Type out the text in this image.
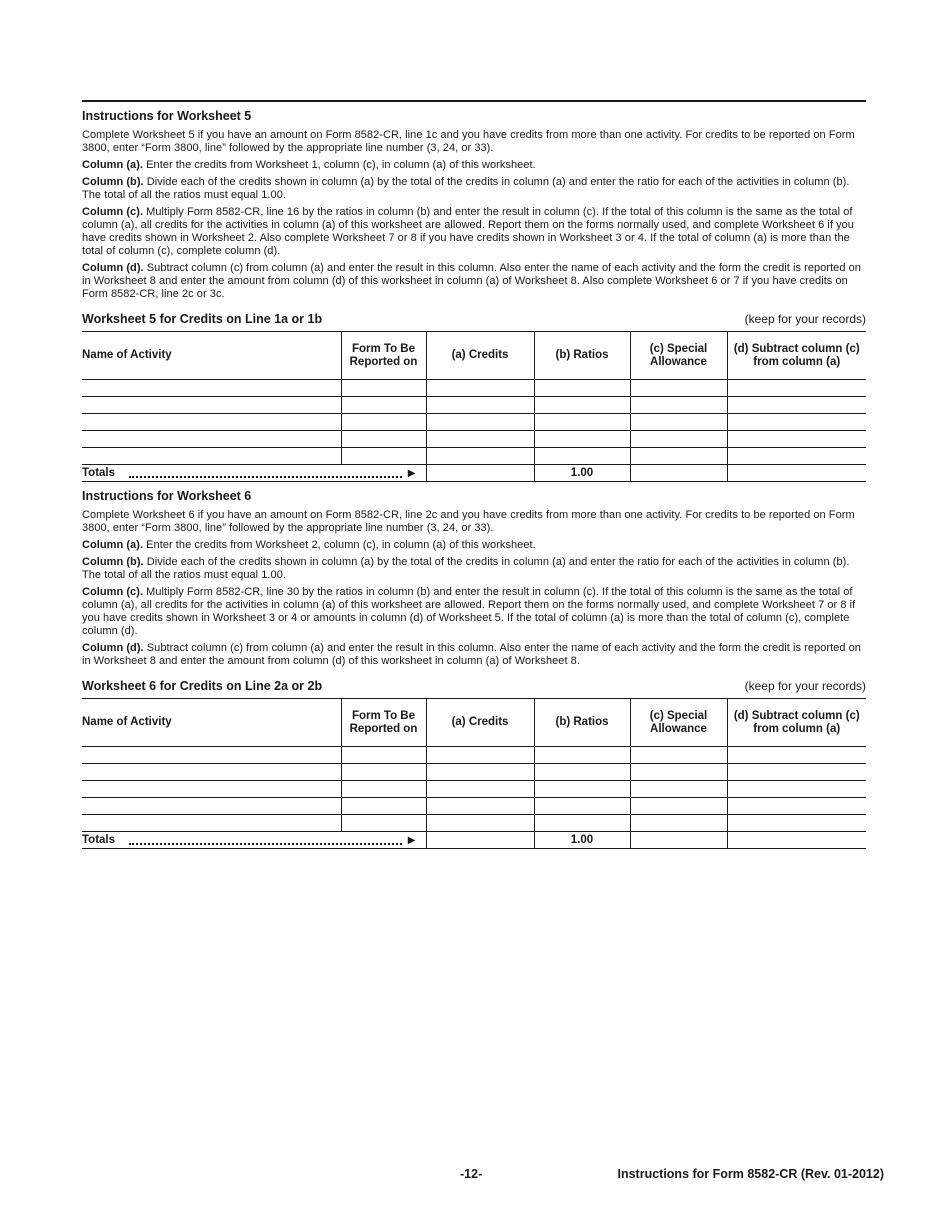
Instructions for Worksheet 5

Complete Worksheet 5 if you have an amount on Form 8582-CR, line 1c and you have credits from more than one activity. For credits to be reported on Form 3800, enter “Form 3800, line” followed by the appropriate line number (3, 24, or 33).

Column (a). Enter the credits from Worksheet 1, column (c), in column (a) of this worksheet.

Column (b). Divide each of the credits shown in column (a) by the total of the credits in column (a) and enter the ratio for each of the activities in column (b). The total of all the ratios must equal 1.00.

Column (c). Multiply Form 8582-CR, line 16 by the ratios in column (b) and enter the result in column (c). If the total of this column is the same as the total of column (a), all credits for the activities in column (a) of this worksheet are allowed. Report them on the forms normally used, and complete Worksheet 6 if you have credits shown in Worksheet 2. Also complete Worksheet 7 or 8 if you have credits shown in Worksheet 3 or 4. If the total of column (a) is more than the total of column (c), complete column (d).

Column (d). Subtract column (c) from column (a) and enter the result in this column. Also enter the name of each activity and the form the credit is reported on in Worksheet 8 and enter the amount from column (d) of this worksheet in column (a) of Worksheet 8. Also complete Worksheet 6 or 7 if you have credits on Form 8582-CR, line 2c or 3c.

Worksheet 5 for Credits on Line 1a or 1b	(keep for your records)
Name of Activity	Form To Be Reported on	(a) Credits	(b) Ratios	(c) Special Allowance	(d) Subtract column (c) from column (a)

Totals ▶			1.00		
Instructions for Worksheet 6

Complete Worksheet 6 if you have an amount on Form 8582-CR, line 2c and you have credits from more than one activity. For credits to be reported on Form 3800, enter “Form 3800, line” followed by the appropriate line number (3, 24, or 33).

Column (a). Enter the credits from Worksheet 2, column (c), in column (a) of this worksheet.

Column (b). Divide each of the credits shown in column (a) by the total of the credits in column (a) and enter the ratio for each of the activities in column (b). The total of all the ratios must equal 1.00.

Column (c). Multiply Form 8582-CR, line 30 by the ratios in column (b) and enter the result in column (c). If the total of this column is the same as the total of column (a), all credits for the activities in column (a) of this worksheet are allowed. Report them on the forms normally used, and complete Worksheet 7 or 8 if you have credits shown in Worksheet 3 or 4 or amounts in column (d) of Worksheet 5. If the total of column (a) is more than the total of column (c), complete column (d).

Column (d). Subtract column (c) from column (a) and enter the result in this column. Also enter the name of each activity and the form the credit is reported on in Worksheet 8 and enter the amount from column (d) of this worksheet in column (a) of Worksheet 8.

Worksheet 6 for Credits on Line 2a or 2b	(keep for your records)
Name of Activity	Form To Be Reported on	(a) Credits	(b) Ratios	(c) Special Allowance	(d) Subtract column (c) from column (a)

Totals ▶			1.00		
-12-	Instructions for Form 8582-CR (Rev. 01-2012)
